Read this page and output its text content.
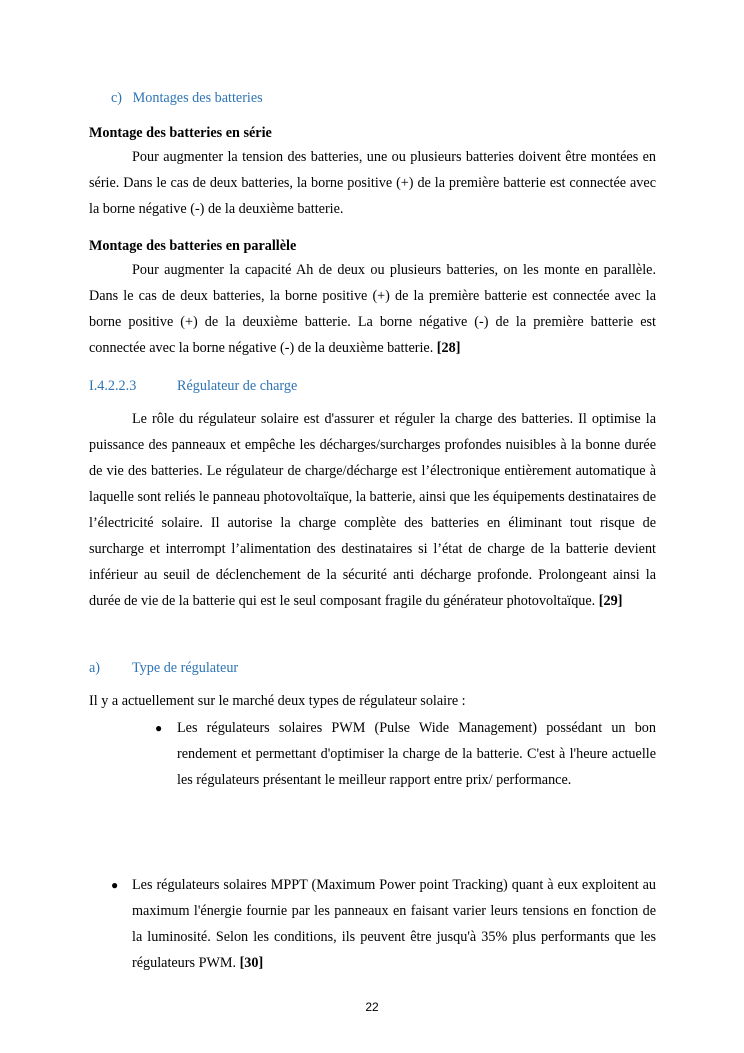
c) Montages des batteries
Montage des batteries en série

Pour augmenter la tension des batteries, une ou plusieurs batteries doivent être montées en série. Dans le cas de deux batteries, la borne positive (+) de la première batterie est connectée avec la borne négative (-) de la deuxième batterie.

Montage des batteries en parallèle

Pour augmenter la capacité Ah de deux ou plusieurs batteries, on les monte en parallèle. Dans le cas de deux batteries, la borne positive (+) de la première batterie est connectée avec la borne positive (+) de la deuxième batterie. La borne négative (-) de la première batterie est connectée avec la borne négative (-) de la deuxième batterie. [28]

I.4.2.2.3	Régulateur de charge

Le rôle du régulateur solaire est d'assurer et réguler la charge des batteries. Il optimise la puissance des panneaux et empêche les décharges/surcharges profondes nuisibles à la bonne durée de vie des batteries. Le régulateur de charge/décharge est l’électronique entièrement automatique à laquelle sont reliés le panneau photovoltaïque, la batterie, ainsi que les équipements destinataires de l’électricité solaire. Il autorise la charge complète des batteries en éliminant tout risque de surcharge et interrompt l’alimentation des destinataires si l’état de charge de la batterie devient inférieur au seuil de déclenchement de la sécurité anti décharge profonde. Prolongeant ainsi la durée de vie de la batterie qui est le seul composant fragile du générateur photovoltaïque. [29]

a) Type de régulateur

Il y a actuellement sur le marché deux types de régulateur solaire :

● Les régulateurs solaires PWM (Pulse Wide Management) possédant un bon rendement et permettant d'optimiser la charge de la batterie. C'est à l'heure actuelle les régulateurs présentant le meilleur rapport entre prix/ performance.

● Les régulateurs solaires MPPT (Maximum Power point Tracking) quant à eux exploitent au maximum l'énergie fournie par les panneaux en faisant varier leurs tensions en fonction de la luminosité. Selon les conditions, ils peuvent être jusqu'à 35% plus performants que les régulateurs PWM. [30]

22
